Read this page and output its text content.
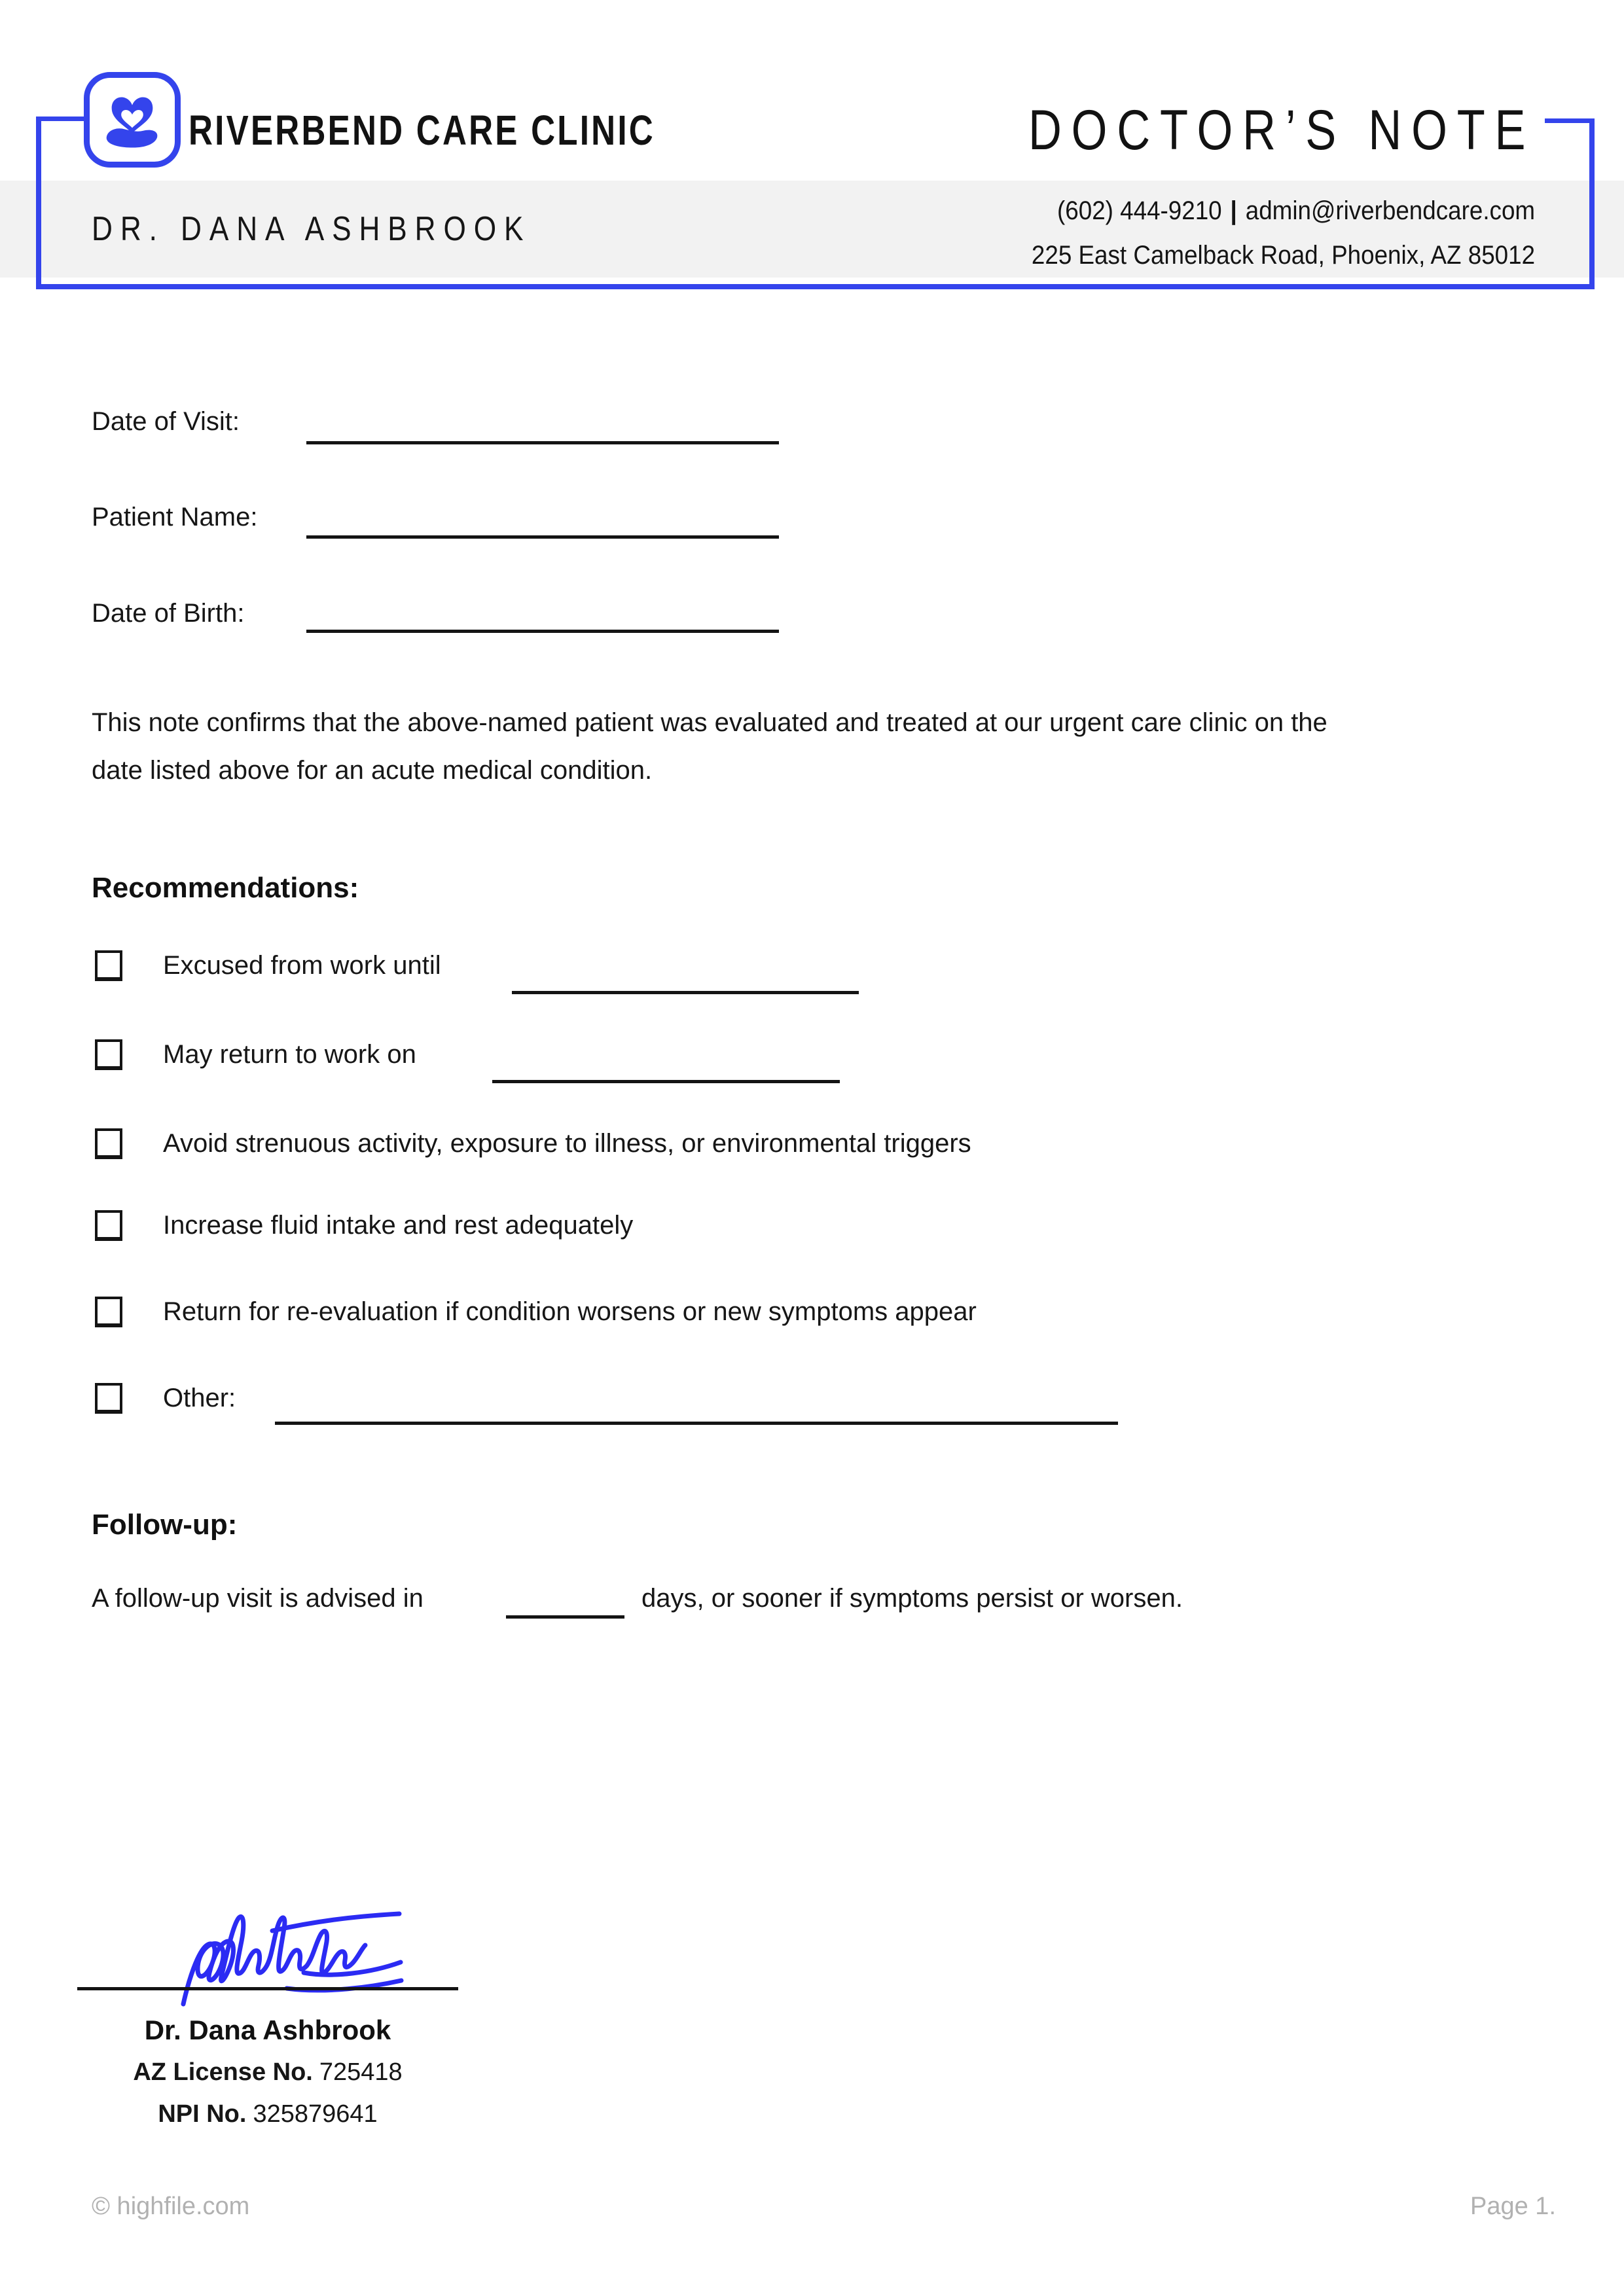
RIVERBEND CARE CLINIC	DOCTOR’S NOTE
DR. DANA ASHBROOK	(602) 444-9210 | admin@riverbendcare.com
225 East Camelback Road, Phoenix, AZ 85012
Date of Visit:
Patient Name:
Date of Birth:
This note confirms that the above-named patient was evaluated and treated at our urgent care clinic on the
date listed above for an acute medical condition.
Recommendations:
Excused from work until
May return to work on
Avoid strenuous activity, exposure to illness, or environmental triggers
Increase fluid intake and rest adequately
Return for re-evaluation if condition worsens or new symptoms appear
Other:
Follow-up:
A follow-up visit is advised in	days, or sooner if symptoms persist or worsen.
Dr. Dana Ashbrook
AZ License No. 725418
NPI No. 325879641
© highfile.com	Page 1.
